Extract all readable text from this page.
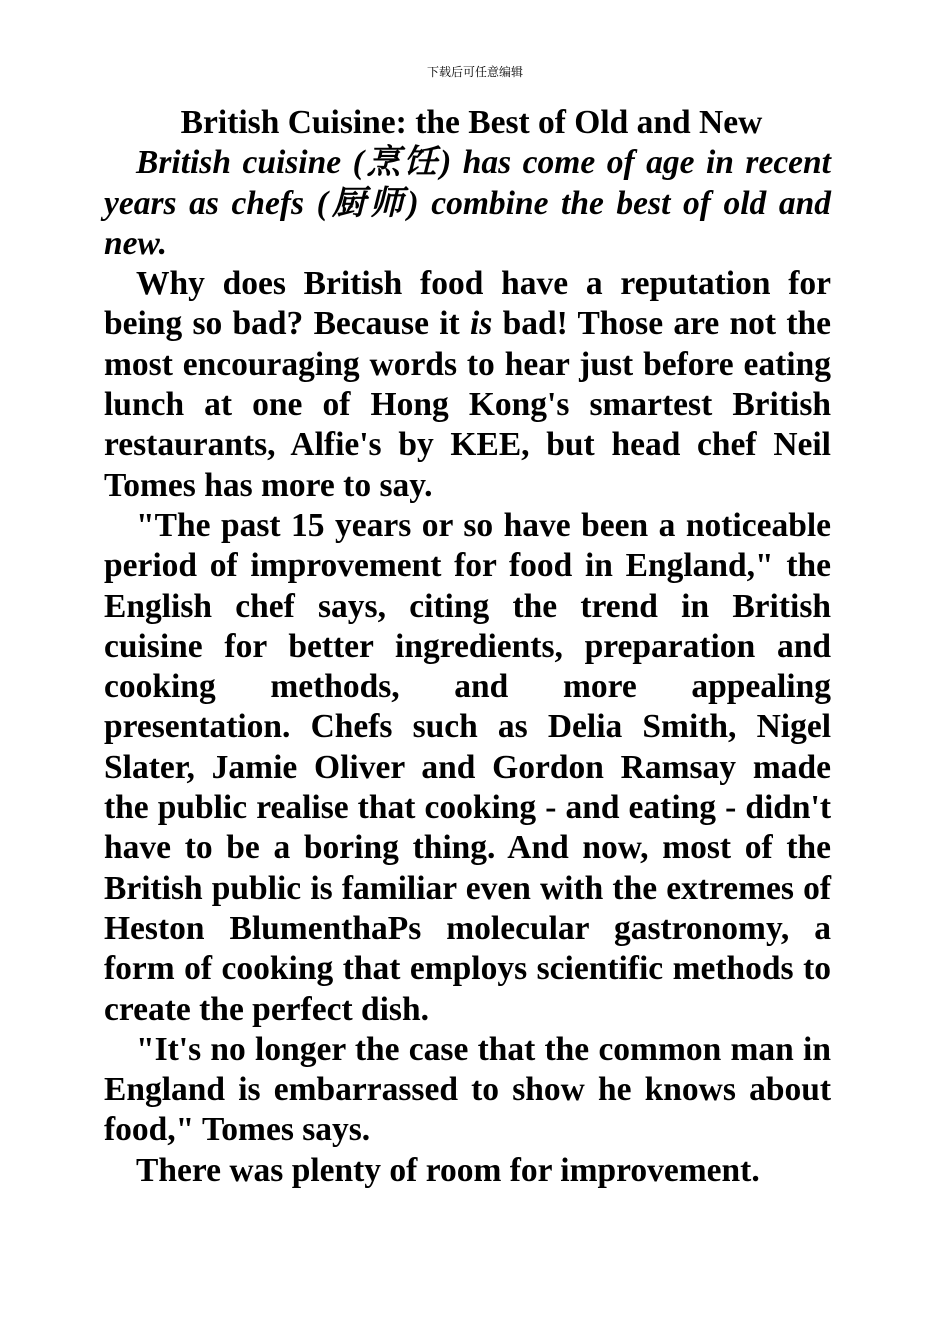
下载后可任意编辑
British Cuisine: the Best of Old and New

British cuisine (烹饪) has come of age in recent years as chefs (厨师) combine the best of old and new.

Why does British food have a reputation for being so bad? Because it is bad! Those are not the most encouraging words to hear just before eating lunch at one of Hong Kong's smartest British restaurants, Alfie's by KEE, but head chef Neil Tomes has more to say.

"The past 15 years or so have been a noticeable period of improvement for food in England," the English chef says, citing the trend in British cuisine for better ingredients, preparation and cooking methods, and more appealing presentation. Chefs such as Delia Smith, Nigel Slater, Jamie Oliver and Gordon Ramsay made the public realise that cooking - and eating - didn't have to be a boring thing. And now, most of the British public is familiar even with the extremes of Heston BlumenthaPs molecular gastronomy, a form of cooking that employs scientific methods to create the perfect dish.

"It's no longer the case that the common man in England is embarrassed to show he knows about food," Tomes says.

There was plenty of room for improvement.
